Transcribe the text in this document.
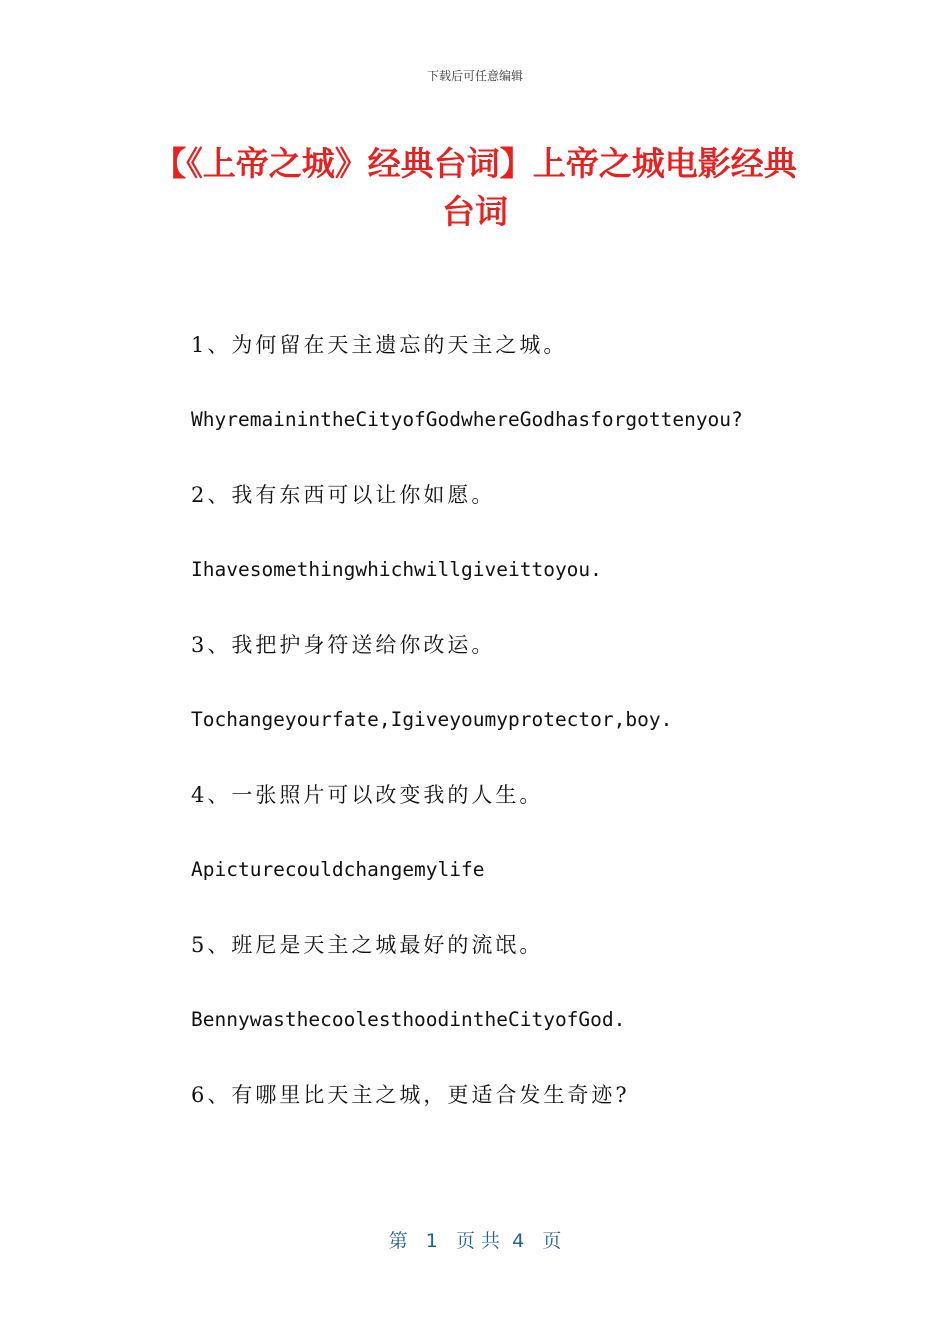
下载后可任意编辑
【《上帝之城》经典台词】上帝之城电影经典台词
1、为何留在天主遗忘的天主之城。
WhyremainintheCityofGodwhereGodhasforgottenyou?
2、我有东西可以让你如愿。
Ihavesomethingwhichwillgiveittoyou.
3、我把护身符送给你改运。
Tochangeyourfate,Igiveyoumyprotector,boy.
4、一张照片可以改变我的人生。
Apicturecouldchangemylife
5、班尼是天主之城最好的流氓。
BennywasthecoolesthoodintheCityofGod.
6、有哪里比天主之城，更适合发生奇迹?
第 1 页 共 4 页
